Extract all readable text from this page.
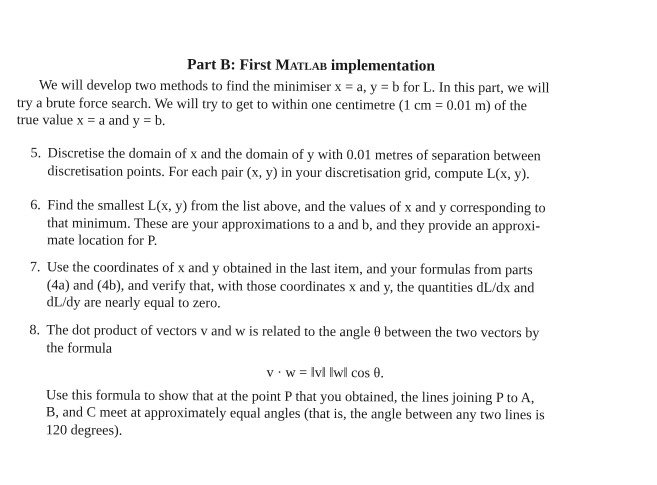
Part B: First Matlab implementation
We will develop two methods to find the minimiser x = a, y = b for L. In this part, we will
try a brute force search. We will try to get to within one centimetre (1 cm = 0.01 m) of the
true value x = a and y = b.
5. Discretise the domain of x and the domain of y with 0.01 metres of separation between
discretisation points. For each pair (x, y) in your discretisation grid, compute L(x, y).
6. Find the smallest L(x, y) from the list above, and the values of x and y corresponding to
that minimum. These are your approximations to a and b, and they provide an approxi-
mate location for P.
7. Use the coordinates of x and y obtained in the last item, and your formulas from parts
(4a) and (4b), and verify that, with those coordinates x and y, the quantities dL/dx and
dL/dy are nearly equal to zero.
8. The dot product of vectors v and w is related to the angle θ between the two vectors by
the formula
v · w = ‖v‖ ‖w‖ cos θ.
Use this formula to show that at the point P that you obtained, the lines joining P to A,
B, and C meet at approximately equal angles (that is, the angle between any two lines is
120 degrees).
